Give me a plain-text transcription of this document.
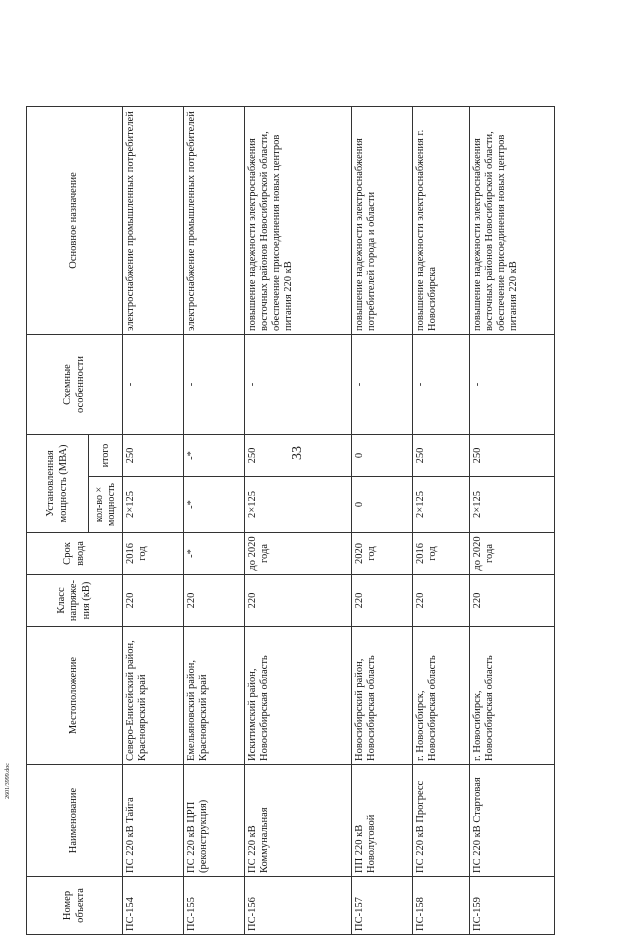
33
Номер объекта	Наименование	Местоположение	Класс напряже-ния (кВ)	Срок ввода	Установленная мощность (МВА)		Схемные особенности	Основное назначение
					кол-во × мощность	итого		
ПС-154	ПС 220 кВ Тайга	Северо-Енисейский район, Красноярский край	220	2016 год	2×125	250	-	электроснабжение промышленных потребителей
ПС-155	ПС 220 кВ ЦРП (реконструкция)	Емельяновский район, Красноярский край	220	-*	-*	-*	-	электроснабжение промышленных потребителей
ПС-156	ПС 220 кВ Коммунальная	Искитимский район, Новосибирская область	220	до 2020 года	2×125	250	-	повышение надежности электроснабжения восточных районов Новосибирской области, обеспечение присоединения новых центров питания 220 кВ
ПС-157	ПП 220 кВ Новолуговой	Новосибирский район, Новосибирская область	220	2020 год	0	0	-	повышение надежности электроснабжения потребителей города и области
ПС-158	ПС 220 кВ Прогресс	г. Новосибирск, Новосибирская область	220	2016 год	2×125	250	-	повышение надежности электроснабжения г. Новосибирска
ПС-159	ПС 220 кВ Стартовая	г. Новосибирск, Новосибирская область	220	до 2020 года	2×125	250	-	повышение надежности электроснабжения восточных районов Новосибирской области, обеспечение присоединения новых центров питания 220 кВ
2601/3999.doc
